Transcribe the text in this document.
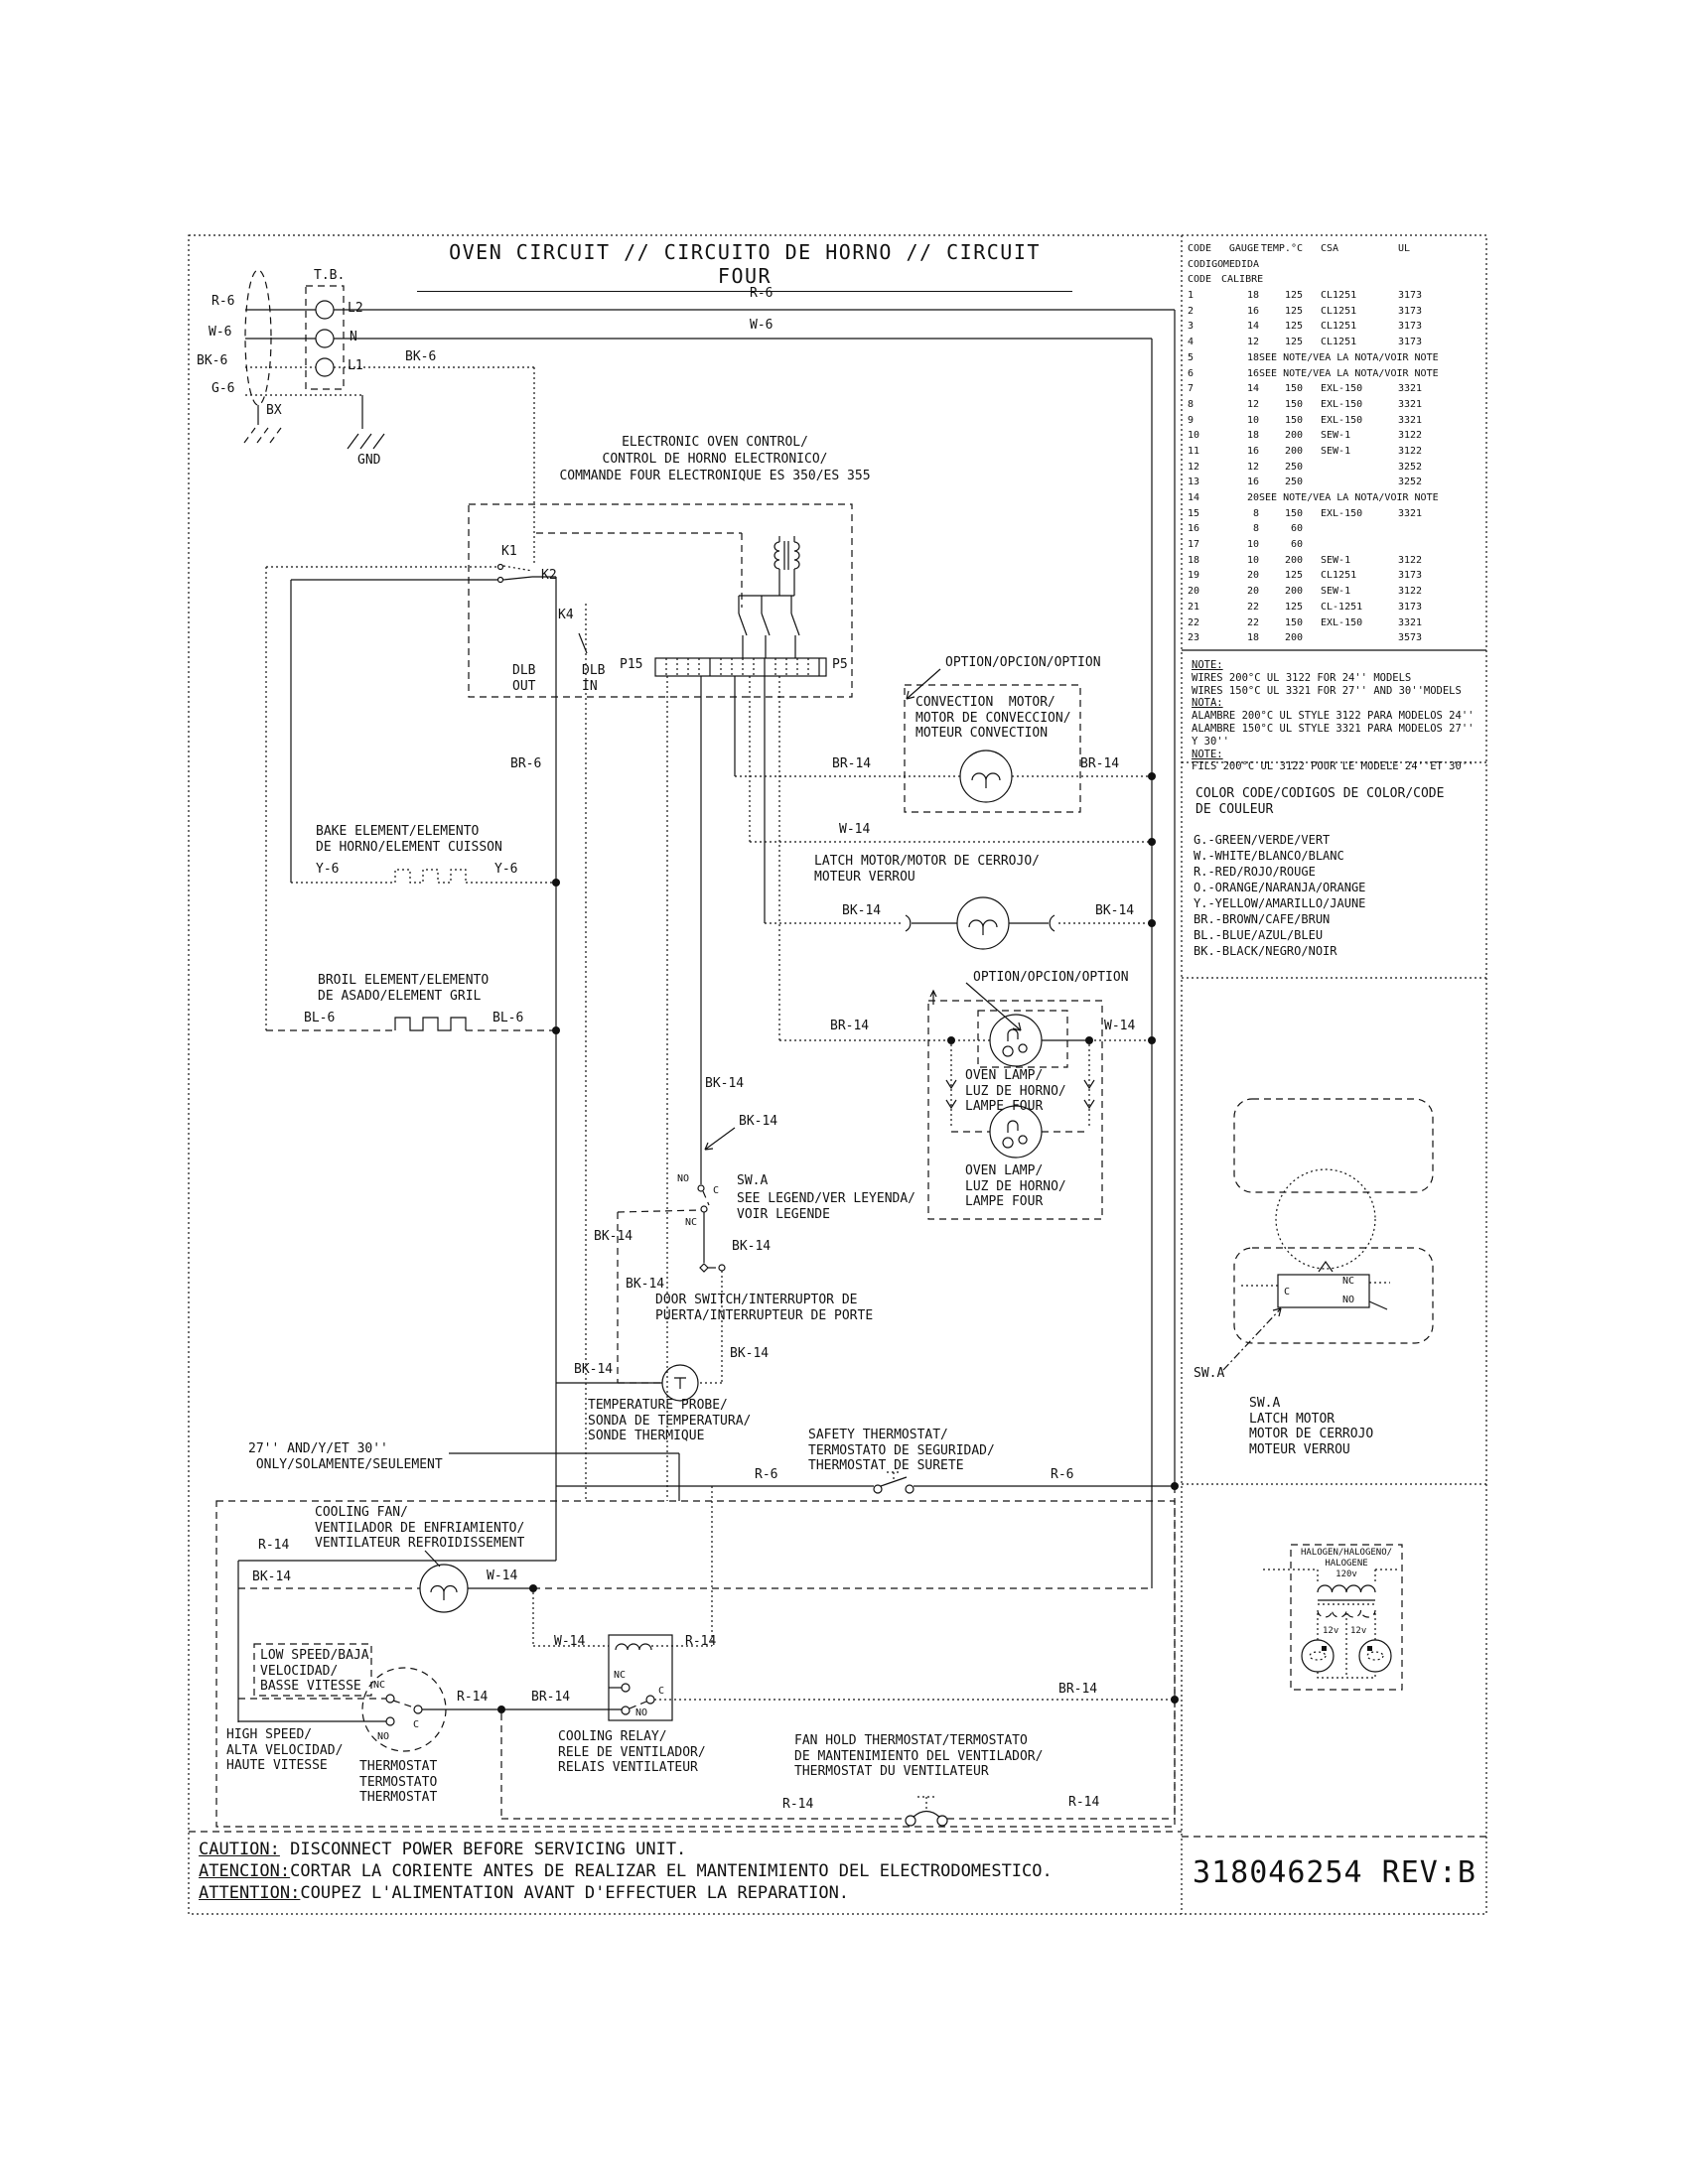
OVEN CIRCUIT // CIRCUITO DE HORNO // CIRCUIT FOUR
R-6
W-6
BK-6
G-6
T.B.
L2
N
L1
BX
GND
BK-6
R-6
W-6
ELECTRONIC OVEN CONTROL/
CONTROL DE HORNO ELECTRONICO/
COMMANDE FOUR ELECTRONIQUE ES 350/ES 355
K1
K2
K4
DLB
OUT
DLB
IN
P15	P5
BR-6
BAKE ELEMENT/ELEMENTO
DE HORNO/ELEMENT CUISSON
Y-6	Y-6
BROIL ELEMENT/ELEMENTO
DE ASADO/ELEMENT GRIL
BL-6	BL-6
OPTION/OPCION/OPTION
CONVECTION  MOTOR/
MOTOR DE CONVECCION/
MOTEUR CONVECTION
BR-14	BR-14
W-14
LATCH MOTOR/MOTOR DE CERROJO/
MOTEUR VERROU
BK-14	BK-14
OPTION/OPCION/OPTION
BR-14	W-14
OVEN LAMP/
LUZ DE HORNO/
LAMPE FOUR
OVEN LAMP/
LUZ DE HORNO/
LAMPE FOUR
BK-14
BK-14
NO
C
NC
SW.A
SEE LEGEND/VER LEYENDA/
VOIR LEGENDE
BK-14
BK-14
BK-14
DOOR SWITCH/INTERRUPTOR DE
PUERTA/INTERRUPTEUR DE PORTE
BK-14
BK-14
TEMPERATURE PROBE/
SONDA DE TEMPERATURA/
SONDE THERMIQUE	SAFETY THERMOSTAT/
TERMOSTATO DE SEGURIDAD/
THERMOSTAT DE SURETE
R-6	R-6
27'' AND/Y/ET 30''
ONLY/SOLAMENTE/SEULEMENT
COOLING FAN/
VENTILADOR DE ENFRIAMIENTO/
VENTILATEUR REFROIDISSEMENT
R-14
BK-14	W-14
W-14	R-14
LOW SPEED/BAJA
VELOCIDAD/
BASSE VITESSE	NC
NO
C
R-14	BR-14
NC
C
NO
HIGH SPEED/
ALTA VELOCIDAD/
HAUTE VITESSE	THERMOSTAT
TERMOSTATO
THERMOSTAT
COOLING RELAY/
RELE DE VENTILADOR/
RELAIS VENTILATEUR
BR-14
FAN HOLD THERMOSTAT/TERMOSTATO
DE MANTENIMIENTO DEL VENTILADOR/
THERMOSTAT DU VENTILATEUR
R-14	R-14
CODE GAUGE TEMP.°C CSA	UL
CODIGOMEDIDA
CODE CALIBRE
1	18	125 CL1251	3173
2	16	125 CL1251	3173
3	14	125 CL1251	3173
4	12	125 CL1251	3173
5	18SEE NOTE/VEA LA NOTA/VOIR NOTE
6	16SEE NOTE/VEA LA NOTA/VOIR NOTE
7	14	150 EXL-150	3321
8	12	150 EXL-150	3321
9	10	150 EXL-150	3321
10	18	200 SEW-1	3122
11	16	200 SEW-1	3122
12	12	250	3252
13	16	250	3252
14	20SEE NOTE/VEA LA NOTA/VOIR NOTE
15	8	150 EXL-150	3321
16	8	60
17	10	60
18	10	200 SEW-1	3122
19	20	125 CL1251	3173
20	20	200 SEW-1	3122
21	22	125 CL-1251	3173
22	22	150 EXL-150	3321
23	18	200	3573
NOTE:
WIRES 200°C UL 3122 FOR 24'' MODELS
WIRES 150°C UL 3321 FOR 27'' AND 30''MODELS
NOTA:
ALAMBRE 200°C UL STYLE 3122 PARA MODELOS 24''
ALAMBRE 150°C UL STYLE 3321 PARA MODELOS 27'' Y 30''
NOTE:
FILS 200°C UL 3122 POUR LE MODELE 24''ET 30''
COLOR CODE/CODIGOS DE COLOR/CODE
DE COULEUR
G.-GREEN/VERDE/VERT
W.-WHITE/BLANCO/BLANC
R.-RED/ROJO/ROUGE
O.-ORANGE/NARANJA/ORANGE
Y.-YELLOW/AMARILLO/JAUNE
BR.-BROWN/CAFE/BRUN
BL.-BLUE/AZUL/BLEU
BK.-BLACK/NEGRO/NOIR
C
NC
NO
SW.A
SW.A
LATCH MOTOR
MOTOR DE CERROJO
MOTEUR VERROU
HALOGEN/HALOGENO/
HALOGENE
120v
12v 12v
CAUTION: DISCONNECT POWER BEFORE SERVICING UNIT.
ATENCION:CORTAR LA CORIENTE ANTES DE REALIZAR EL MANTENIMIENTO DEL ELECTRODOMESTICO.
ATTENTION:COUPEZ L'ALIMENTATION AVANT D'EFFECTUER LA REPARATION.
318046254 REV:B
